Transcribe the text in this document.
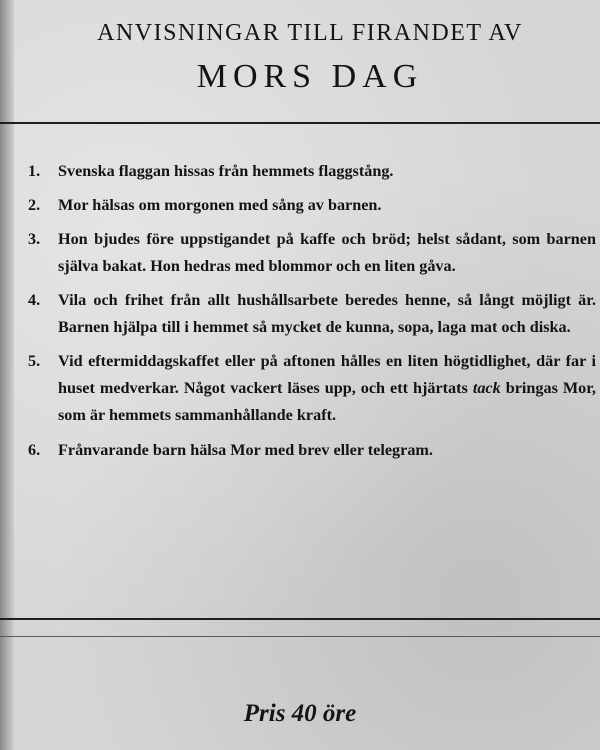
ANVISNINGAR TILL FIRANDET AV
MORS DAG
1.	Svenska flaggan hissas från hemmets flaggstång.
2.	Mor hälsas om morgonen med sång av barnen.
3.	Hon bjudes före uppstigandet på kaffe och bröd; helst sådant, som barnen själva bakat. Hon hedras med blommor och en liten gåva.
4.	Vila och frihet från allt hushållsarbete beredes henne, så långt möjligt är. Barnen hjälpa till i hemmet så mycket de kunna, sopa, laga mat och diska.
5.	Vid eftermiddagskaffet eller på aftonen hålles en liten högtidlighet, där far i huset medverkar. Något vackert läses upp, och ett hjärtats tack bringas Mor, som är hemmets sammanhållande kraft.
6.	Frånvarande barn hälsa Mor med brev eller telegram.
Pris 40 öre
